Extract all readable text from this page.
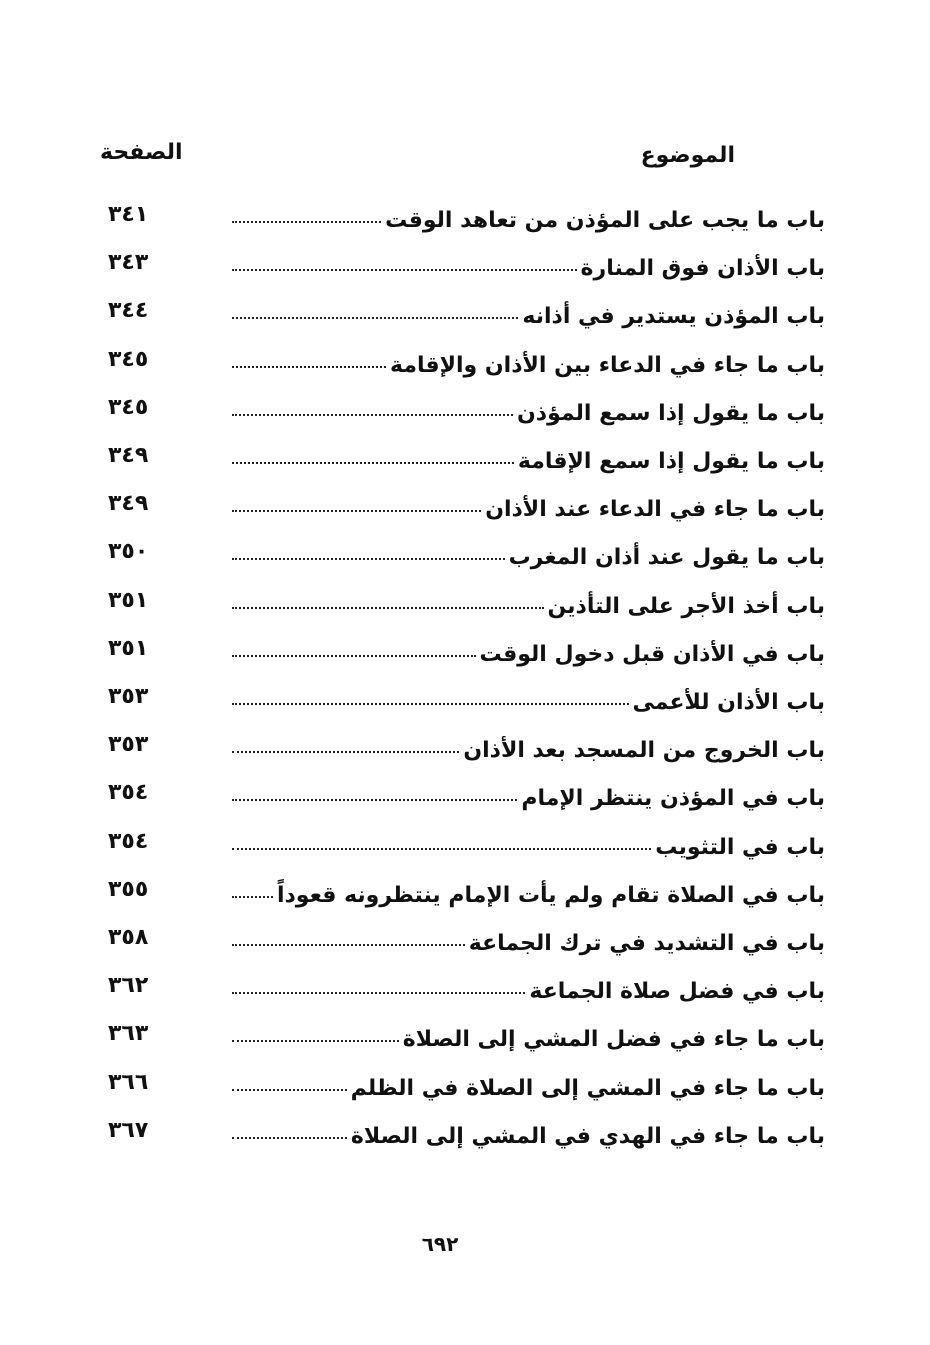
الموضوع
الصفحة
باب ما يجب على المؤذن من تعاهد الوقت
٣٤١
باب الأذان فوق المنارة
٣٤٣
باب المؤذن يستدير في أذانه
٣٤٤
باب ما جاء في الدعاء بين الأذان والإقامة
٣٤٥
باب ما يقول إذا سمع المؤذن
٣٤٥
باب ما يقول إذا سمع الإقامة
٣٤٩
باب ما جاء في الدعاء عند الأذان
٣٤٩
باب ما يقول عند أذان المغرب
٣٥٠
باب أخذ الأجر على التأذين
٣٥١
باب في الأذان قبل دخول الوقت
٣٥١
باب الأذان للأعمى
٣٥٣
باب الخروج من المسجد بعد الأذان
٣٥٣
باب في المؤذن ينتظر الإمام
٣٥٤
باب في التثويب
٣٥٤
باب في الصلاة تقام ولم يأت الإمام ينتظرونه قعوداً
٣٥٥
باب في التشديد في ترك الجماعة
٣٥٨
باب في فضل صلاة الجماعة
٣٦٢
باب ما جاء في فضل المشي إلى الصلاة
٣٦٣
باب ما جاء في المشي إلى الصلاة في الظلم
٣٦٦
باب ما جاء في الهدي في المشي إلى الصلاة
٣٦٧
٦٩٢
